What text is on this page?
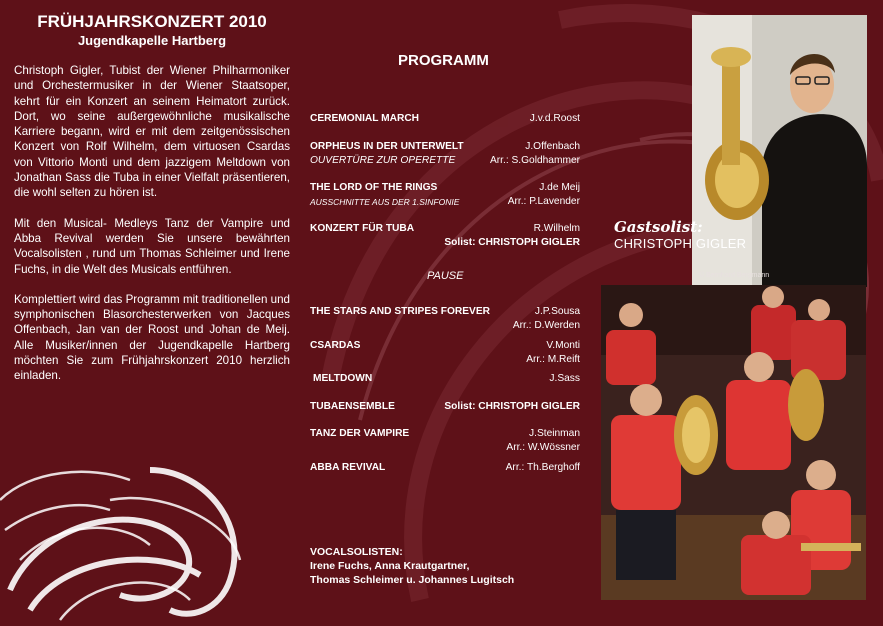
FRÜHJAHRSKONZERT 2010

Jugendkapelle Hartberg

Christoph Gigler, Tubist der Wiener Philharmoniker und Orchestermusiker in der Wiener Staatsoper, kehrt für ein Konzert an seinem Heimatort zurück. Dort, wo seine außergewöhnliche musikalische Karriere begann, wird er mit dem zeitgenössischen Konzert von Rolf Wilhelm, dem virtuosen Csardas von Vittorio Monti und dem jazzigem Meltdown von Jonathan Sass die Tuba in einer Vielfalt präsentieren, die wohl selten zu hören ist.

Mit den Musical- Medleys Tanz der Vampire und Abba Revival werden Sie unsere bewährten Vocalsolisten , rund um Thomas Schleimer und Irene Fuchs, in die Welt des Musicals entführen.

Komplettiert wird das Programm mit traditionellen und symphonischen Blasorchesterwerken von Jacques Offenbach, Jan van der Roost und Johan de Meij. Alle Musiker/innen der Jugendkapelle Hartberg möchten Sie zum Frühjahrskonzert 2010 herzlich einladen.

PROGRAMM
CEREMONIAL MARCH	J.v.d.Roost
ORPHEUS IN DER UNTERWELT	J.Offenbach
OUVERTÜRE ZUR OPERETTE	Arr.: S.Goldhammer
THE LORD OF THE RINGS	J.de Meij
AUSSCHNITTE AUS DER 1.SINFONIE	Arr.: P.Lavender
KONZERT FÜR TUBA	R.Wilhelm
Solist: CHRISTOPH GIGLER
PAUSE
THE STARS AND STRIPES FOREVER	J.P.Sousa
Arr.: D.Werden
CSARDAS	V.Monti
Arr.: M.Reift
MELTDOWN	J.Sass
TUBAENSEMBLE	Solist: CHRISTOPH GIGLER
TANZ DER VAMPIRE	J.Steinman
Arr.: W.Wössner
ABBA REVIVAL	Arr.: Th.Berghoff
VOCALSOLISTEN:
Irene Fuchs, Anna Krautgartner,
Thomas Schleimer u. Johannes Lugitsch
Gastsolist:
CHRISTOPH GIGLER
© Bernhard Bergmann
